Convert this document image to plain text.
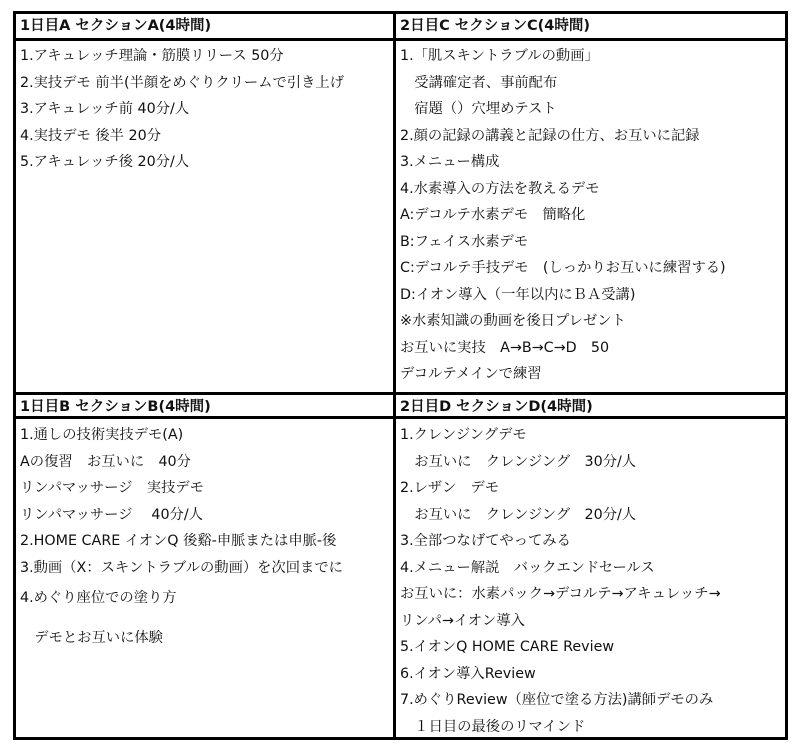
1日目A セクションA(4時間)
1.アキュレッチ理論・筋膜リリース 50分
2.実技デモ 前半(半顔をめぐりクリームで引き上げ
3.アキュレッチ前 40分/人
4.実技デモ 後半 20分
5.アキュレッチ後 20分/人
2日目C セクションC(4時間)
1.「肌スキントラブルの動画」
　受講確定者、事前配布
　宿題（）穴埋めテスト
2.顔の記録の講義と記録の仕方、お互いに記録
3.メニュー構成
4.水素導入の方法を教えるデモ
A:デコルテ水素デモ　簡略化
B:フェイス水素デモ
C:デコルテ手技デモ　(しっかりお互いに練習する)
D:イオン導入（一年以内にＢＡ受講)
※水素知識の動画を後日プレゼント
お互いに実技　A→B→C→D　50
デコルテメインで練習
1日目B セクションB(4時間)
1.通しの技術実技デモ(A)
Aの復習　お互いに　40分
リンパマッサージ　実技デモ
リンパマッサージ　 40分/人
2.HOME CARE イオンQ 後谿-申脈または申脈-後
3.動画（X：スキントラブルの動画）を次回までに
4.めぐり座位での塗り方
　デモとお互いに体験
2日目D セクションD(4時間)
1.クレンジングデモ
　お互いに　クレンジング　30分/人
2.レザン　デモ
　お互いに　クレンジング　20分/人
3.全部つなげてやってみる
4.メニュー解説　バックエンドセールス
お互いに：水素パック→デコルテ→アキュレッチ→
リンパ→イオン導入
5.イオンQ HOME CARE Review
6.イオン導入Review
7.めぐりReview（座位で塗る方法)講師デモのみ
　１日目の最後のリマインド
